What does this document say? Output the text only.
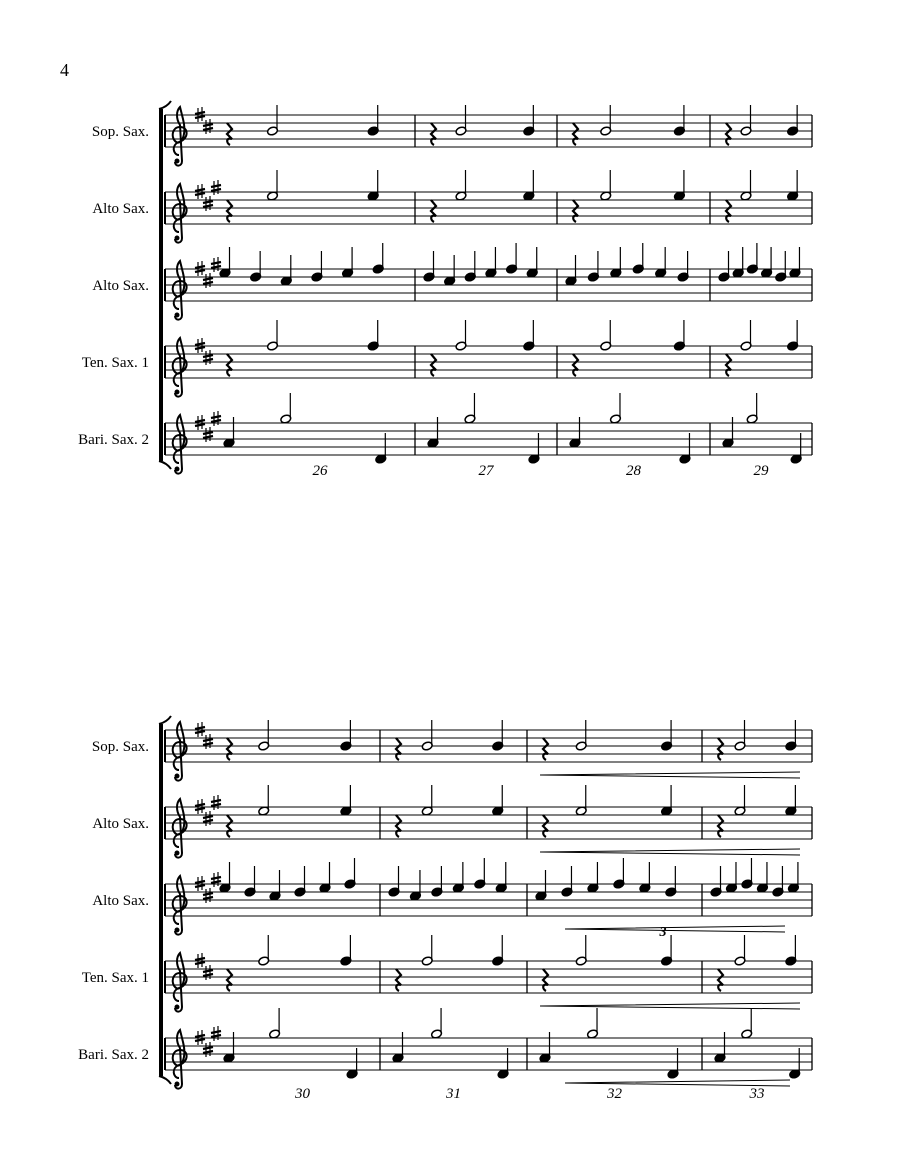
4
Sop. Sax.
Alto Sax.
Alto Sax.
Ten. Sax. 1
Bari. Sax. 2
26	27	28	29
Sop. Sax.
Alto Sax.
Alto Sax.
Ten. Sax. 1
Bari. Sax. 2
30	31	32	33
3
